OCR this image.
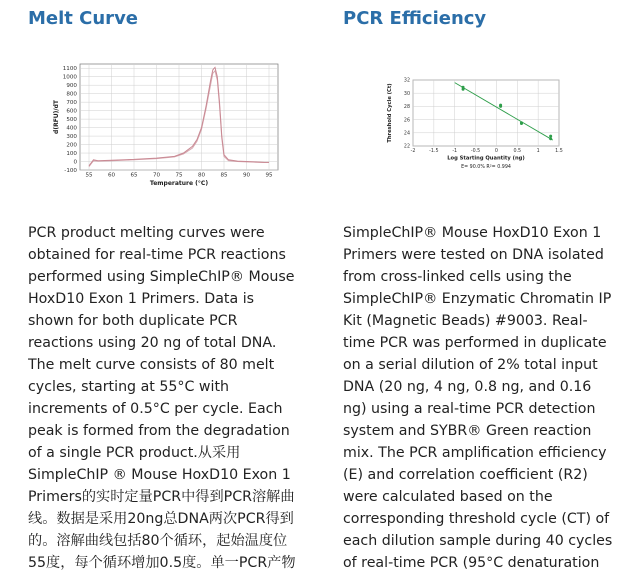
Melt Curve
PCR product melting curves were
obtained for real-time PCR reactions
performed using SimpleChIP® Mouse
HoxD10 Exon 1 Primers. Data is
shown for both duplicate PCR
reactions using 20 ng of total DNA.
The melt curve consists of 80 melt
cycles, starting at 55°C with
increments of 0.5°C per cycle. Each
peak is formed from the degradation
of a single PCR product.从采用
SimpleChIP ® Mouse HoxD10 Exon 1
Primers的实时定量PCR中得到PCR溶解曲
线。数据是采用20ng总DNA两次PCR得到
的。溶解曲线包括80个循环，起始温度位
55度，每个循环增加0.5度。单一PCR产物
55	60	65	70	75	80	85	90	95
-100
0
100
200
300
400
500
600
700
800
900
1000
1100
Temperature (°C)
d(RFU)/dT
PCR Efficiency
SimpleChIP® Mouse HoxD10 Exon 1
Primers were tested on DNA isolated
from cross-linked cells using the
SimpleChIP® Enzymatic Chromatin IP
Kit (Magnetic Beads) #9003. Real-
time PCR was performed in duplicate
on a serial dilution of 2% total input
DNA (20 ng, 4 ng, 0.8 ng, and 0.16
ng) using a real-time PCR detection
system and SYBR® Green reaction
mix. The PCR amplification efficiency
(E) and correlation coefficient (R2)
were calculated based on the
corresponding threshold cycle (CT) of
each dilution sample during 40 cycles
of real-time PCR (95°C denaturation
-2	-1.5	-1	-0.5	0	0.5	1	1.5
22
24
26
28
30
32
Log Starting Quantity (ng)
Threshold Cycle (Ct)
E= 90.0% R²= 0.994
